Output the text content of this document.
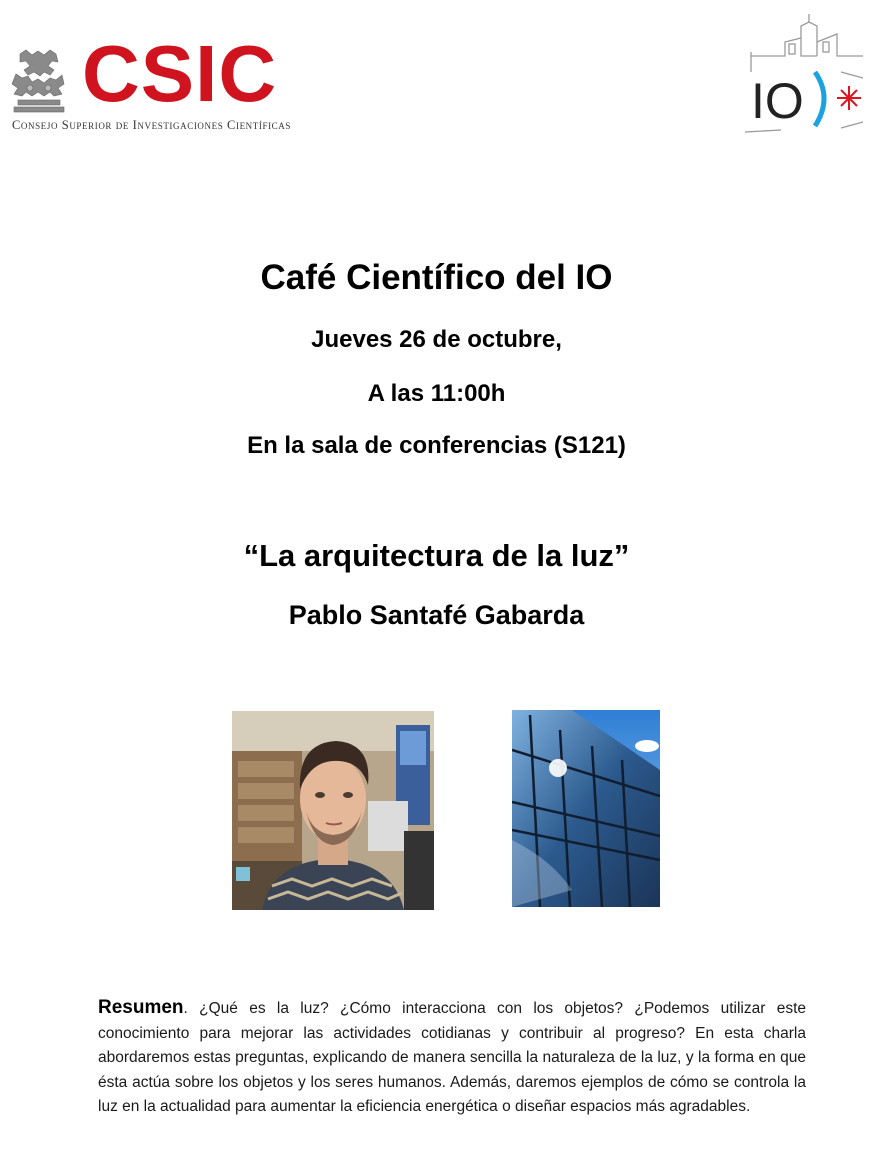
CSIC

Consejo Superior de Investigaciones Científicas	IO
Café Científico del IO

Jueves 26 de octubre,

A las 11:00h

En la sala de conferencias (S121)

“La arquitectura de la luz”

Pablo Santafé Gabarda

Resumen. ¿Qué es la luz? ¿Cómo interacciona con los objetos? ¿Podemos utilizar este conocimiento para mejorar las actividades cotidianas y contribuir al progreso? En esta charla abordaremos estas preguntas, explicando de manera sencilla la naturaleza de la luz, y la forma en que ésta actúa sobre los objetos y los seres humanos. Además, daremos ejemplos de cómo se controla la luz en la actualidad para aumentar la eficiencia energética o diseñar espacios más agradables.
